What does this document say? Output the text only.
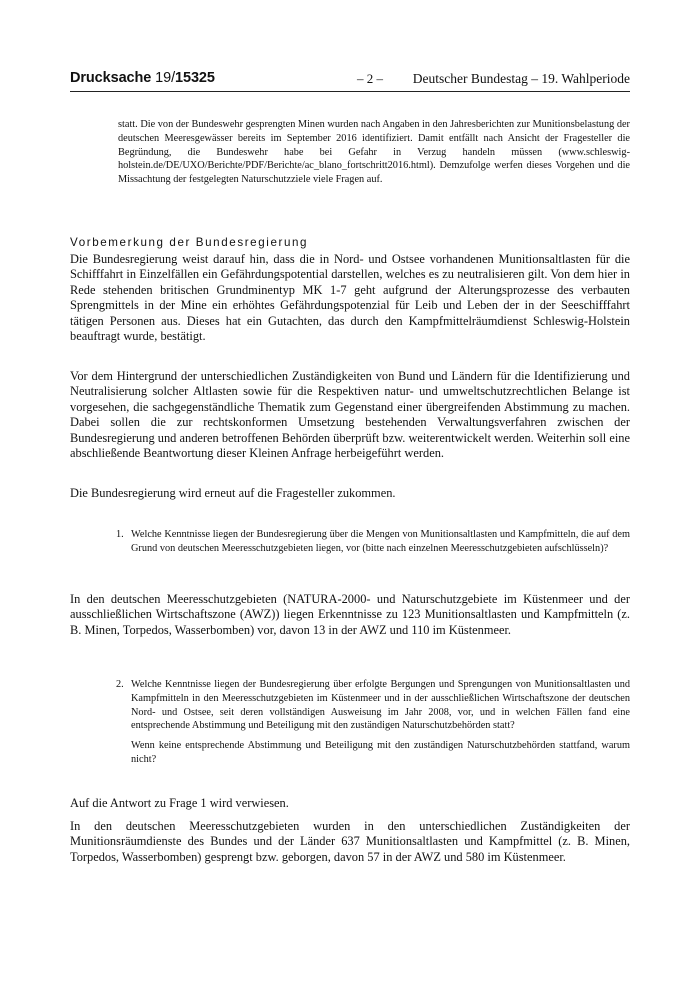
Drucksache 19/15325	– 2 –	Deutscher Bundestag – 19. Wahlperiode
statt. Die von der Bundeswehr gesprengten Minen wurden nach Angaben in den Jahresberichten zur Munitionsbelastung der deutschen Meeresgewässer bereits im September 2016 identifiziert. Damit entfällt nach Ansicht der Fragesteller die Begründung, die Bundeswehr habe bei Gefahr in Verzug handeln müssen (www.schleswig-holstein.de/DE/UXO/Berichte/PDF/Berichte/ac_blano_fortschritt2016.html). Demzufolge werfen dieses Vorgehen und die Missachtung der festgelegten Naturschutzziele viele Fragen auf.
Vorbemerkung der Bundesregierung

Die Bundesregierung weist darauf hin, dass die in Nord- und Ostsee vorhandenen Munitionsaltlasten für die Schifffahrt in Einzelfällen ein Gefährdungspotential darstellen, welches es zu neutralisieren gilt. Von dem hier in Rede stehenden britischen Grundminentyp MK 1-7 geht aufgrund der Alterungsprozesse des verbauten Sprengmittels in der Mine ein erhöhtes Gefährdungspotenzial für Leib und Leben der in der Seeschifffahrt tätigen Personen aus. Dieses hat ein Gutachten, das durch den Kampfmittelräumdienst Schleswig-Holstein beauftragt wurde, bestätigt.

Vor dem Hintergrund der unterschiedlichen Zuständigkeiten von Bund und Ländern für die Identifizierung und Neutralisierung solcher Altlasten sowie für die Respektiven natur- und umweltschutzrechtlichen Belange ist vorgesehen, die sachgegenständliche Thematik zum Gegenstand einer übergreifenden Abstimmung zu machen. Dabei sollen die zur rechtskonformen Umsetzung bestehenden Verwaltungsverfahren zwischen der Bundesregierung und anderen betroffenen Behörden überprüft bzw. weiterentwickelt werden. Weiterhin soll eine abschließende Beantwortung dieser Kleinen Anfrage herbeigeführt werden.

Die Bundesregierung wird erneut auf die Fragesteller zukommen.

1. Welche Kenntnisse liegen der Bundesregierung über die Mengen von Munitionsaltlasten und Kampfmitteln, die auf dem Grund von deutschen Meeresschutzgebieten liegen, vor (bitte nach einzelnen Meeresschutzgebieten aufschlüsseln)?

In den deutschen Meeresschutzgebieten (NATURA-2000- und Naturschutzgebiete im Küstenmeer und der ausschließlichen Wirtschaftszone (AWZ)) liegen Erkenntnisse zu 123 Munitionsaltlasten und Kampfmitteln (z. B. Minen, Torpedos, Wasserbomben) vor, davon 13 in der AWZ und 110 im Küstenmeer.

2. Welche Kenntnisse liegen der Bundesregierung über erfolgte Bergungen und Sprengungen von Munitionsaltlasten und Kampfmitteln in den Meeresschutzgebieten im Küstenmeer und in der ausschließlichen Wirtschaftszone der deutschen Nord- und Ostsee, seit deren vollständigen Ausweisung im Jahr 2008, vor, und in welchen Fällen fand eine entsprechende Abstimmung und Beteiligung mit den zuständigen Naturschutzbehörden statt?
Wenn keine entsprechende Abstimmung und Beteiligung mit den zuständigen Naturschutzbehörden stattfand, warum nicht?

Auf die Antwort zu Frage 1 wird verwiesen.

In den deutschen Meeresschutzgebieten wurden in den unterschiedlichen Zuständigkeiten der Munitionsräumdienste des Bundes und der Länder 637 Munitionsaltlasten und Kampfmittel (z. B. Minen, Torpedos, Wasserbomben) gesprengt bzw. geborgen, davon 57 in der AWZ und 580 im Küstenmeer.
